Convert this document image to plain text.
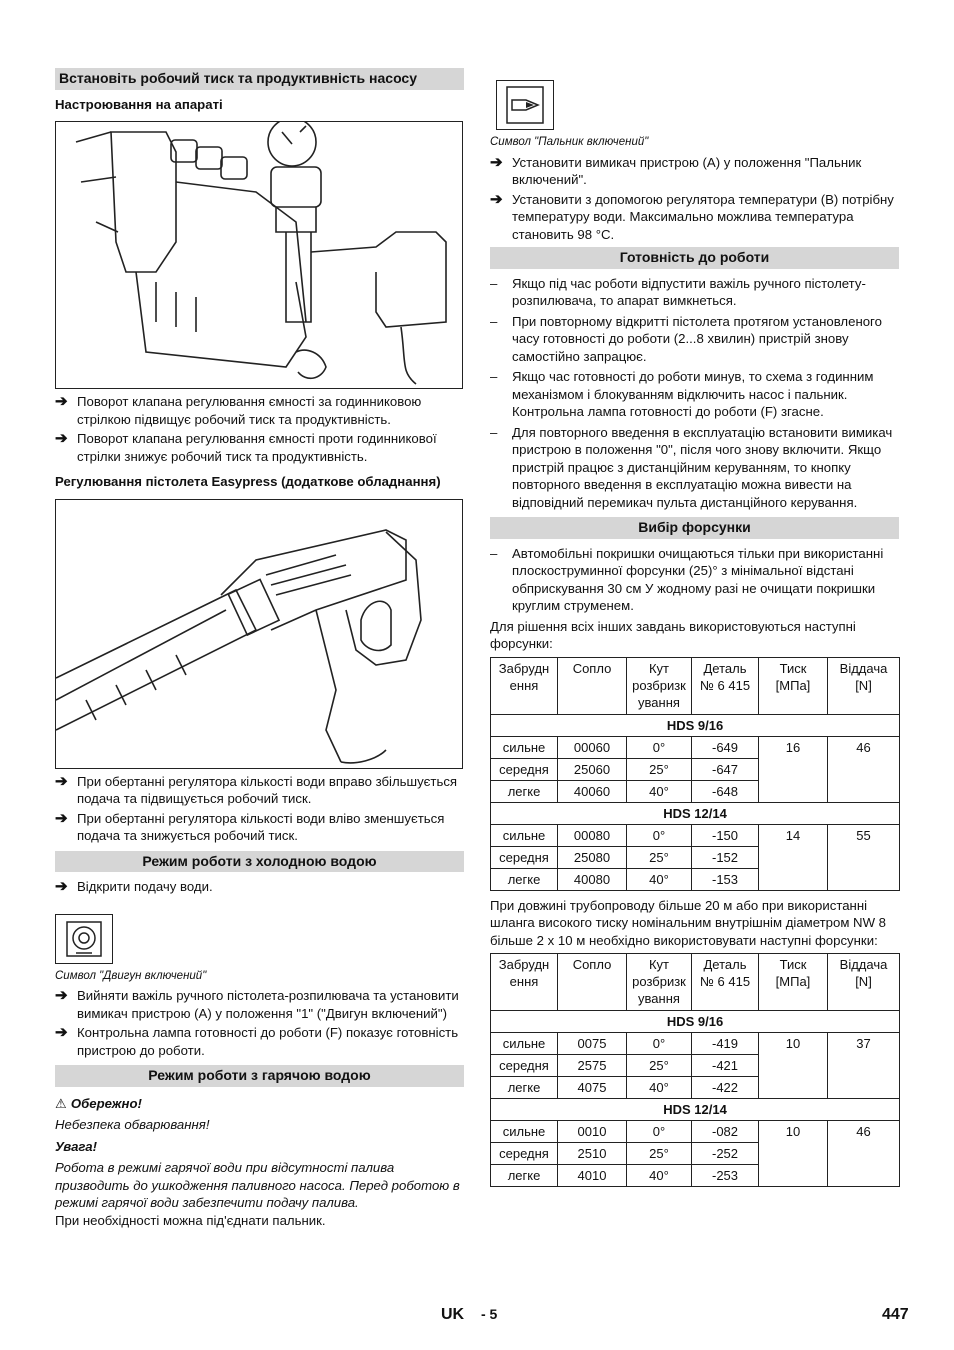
Встановіть робочий тиск та продуктивність насосу
Настроювання на апараті
➔ Поворот клапана регулювання ємності за годинниковою стрілкою підвищує робочий тиск та продуктивність.
➔ Поворот клапана регулювання ємності проти годинникової стрілки знижує робочий тиск та продуктивність.
Регулювання пістолета Easypress (додаткове обладнання)
➔ При обертанні регулятора кількості води вправо збільшується подача та підвищується робочий тиск.
➔ При обертанні регулятора кількості води вліво зменшується подача та знижується робочий тиск.
Режим роботи з холодною водою
➔ Відкрити подачу води.
Символ "Двигун включений"
➔ Вийняти важіль ручного пістолета-розпилювача та установити вимикач пристрою (А) у положення "1" ("Двигун включений")
➔ Контрольна лампа готовності до роботи (F) показує готовність пристрою до роботи.
Режим роботи з гарячою водою

⚠ Обережно!

Небезпека обварювання!

Увага!

Робота в режимі гарячої води при відсутності палива призводить до ушкодження паливного насоса. Перед роботою в режимі гарячої води забезпечити подачу палива.

При необхідності можна під'єднати пальник.

Символ "Пальник включений"
➔ Установити вимикач пристрою (А) у положення "Пальник включений".
➔ Установити з допомогою регулятора температури (В) потрібну температуру води. Максимально можлива температура становить 98 °C.
Готовність до роботи
– Якщо під час роботи відпустити важіль ручного пістолету-розпилювача, то апарат вимкнеться.
– При повторному відкритті пістолета протягом установленого часу готовності до роботи (2...8 хвилин) пристрій знову самостійно запрацює.
– Якщо час готовності до роботи минув, то схема з годинним механізмом і блокуванням відключить насос і пальник. Контрольна лампа готовності до роботи (F) згасне.
– Для повторного введення в експлуатацію встановити вимикач пристрою в положення "0", після чого знову включити. Якщо пристрій працює з дистанційним керуванням, то кнопку повторного введення в експлуатацію можна вивести на відповідний перемикач пульта дистанційного керування.
Вибір форсунки
– Автомобільні покришки очищаються тільки при використанні плоскоструминної форсунки (25)° з мінімальної відстані обприскування 30 см У жодному разі не очищати покришки круглим струменем.

Для рішення всіх інших завдань використовуються наступні форсунки:

Забрудн ення	Сопло	Кут розбризк ування	Деталь № 6 415	Тиск [МПа]	Віддача [N]
HDS 9/16					
сильне	00060	0°	-649	16	46
середня	25060	25°	-647		
легке	40060	40°	-648		
HDS 12/14					
сильне	00080	0°	-150	14	55
середня	25080	25°	-152		
легке	40080	40°	-153		

При довжині трубопроводу більше 20 м або при використанні шланга високого тиску номінальним внутрішнім діаметром NW 8 більше 2 x 10 м необхідно використовувати наступні форсунки:

Забрудн ення	Сопло	Кут розбризк ування	Деталь № 6 415	Тиск [МПа]	Віддача [N]
HDS 9/16					
сильне	0075	0°	-419	10	37
середня	2575	25°	-421		
легке	4075	40°	-422		
HDS 12/14					
сильне	0010	0°	-082	10	46
середня	2510	25°	-252		
легке	4010	40°	-253		
UK - 5	447
